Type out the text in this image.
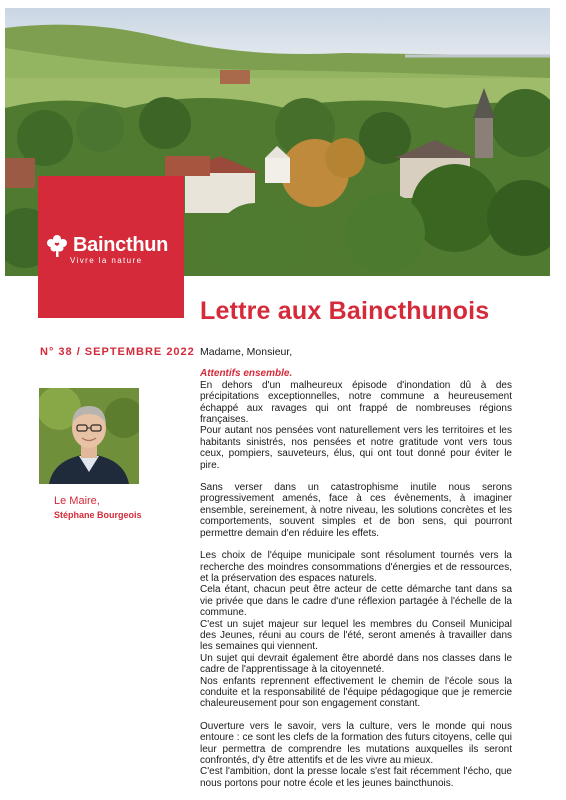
Baincthun
Vivre la nature
Lettre aux Baincthunois
N° 38 / SEPTEMBRE 2022
Le Maire,
Stéphane Bourgeois
Madame, Monsieur,
Attentifs ensemble.

En dehors d'un malheureux épisode d'inondation dû à des précipitations exceptionnelles, notre commune a heureusement échappé aux ravages qui ont frappé de nombreuses régions françaises.

Pour autant nos pensées vont naturellement vers les territoires et les habitants sinistrés, nos pensées et notre gratitude vont vers tous ceux, pompiers, sauveteurs, élus, qui ont tout donné pour éviter le pire.

Sans verser dans un catastrophisme inutile nous serons progressivement amenés, face à ces évènements, à imaginer ensemble, sereinement, à notre niveau, les solutions concrètes et les comportements, souvent simples et de bon sens, qui pourront permettre demain d'en réduire les effets.

Les choix de l'équipe municipale sont résolument tournés vers la recherche des moindres consommations d'énergies et de ressources, et la préservation des espaces naturels.

Cela étant, chacun peut être acteur de cette démarche tant dans sa vie privée que dans le cadre d'une réflexion partagée à l'échelle de la commune.

C'est un sujet majeur sur lequel les membres du Conseil Municipal des Jeunes, réuni au cours de l'été, seront amenés à travailler dans les semaines qui viennent.

Un sujet qui devrait également être abordé dans nos classes dans le cadre de l'apprentissage à la citoyenneté.

Nos enfants reprennent effectivement le chemin de l'école sous la conduite et la responsabilité de l'équipe pédagogique que je remercie chaleureusement pour son engagement constant.

Ouverture vers le savoir, vers la culture, vers le monde qui nous entoure : ce sont les clefs de la formation des futurs citoyens, celle qui leur permettra de comprendre les mutations auxquelles ils seront confrontés, d'y être attentifs et de les vivre au mieux.

C'est l'ambition, dont la presse locale s'est fait récemment l'écho, que nous portons pour notre école et les jeunes baincthunois.
